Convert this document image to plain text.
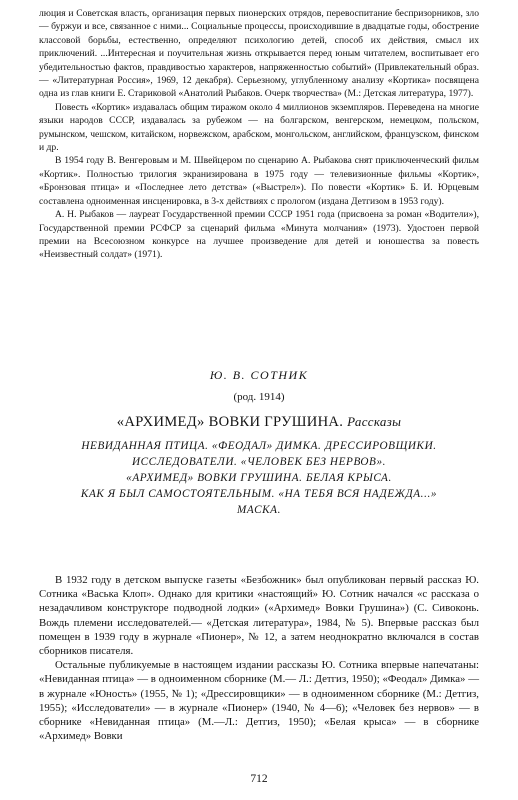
люция и Советская власть, организация первых пионерских отрядов, перевоспитание беспризорников, зло — буржуи и все, связанное с ними... Социальные процессы, происходившие в двадцатые годы, обострение классовой борьбы, естественно, определяют психологию детей, способ их действия, смысл их приключений. ...Интересная и поучительная жизнь открывается перед юным читателем, воспитывает его убедительностью фактов, правдивостью характеров, напряженностью событий» (Привлекательный образ.— «Литературная Россия», 1969, 12 декабря). Серьезному, углубленному анализу «Кортика» посвящена одна из глав книги Е. Стариковой «Анатолий Рыбаков. Очерк творчества» (М.: Детская литература, 1977).

Повесть «Кортик» издавалась общим тиражом около 4 миллионов экземпляров. Переведена на многие языки народов СССР, издавалась за рубежом — на болгарском, венгерском, немецком, польском, румынском, чешском, китайском, норвежском, арабском, монгольском, английском, французском, финском и др.

В 1954 году В. Венгеровым и М. Швейцером по сценарию А. Рыбакова снят приключенческий фильм «Кортик». Полностью трилогия экранизирована в 1975 году — телевизионные фильмы «Кортик», «Бронзовая птица» и «Последнее лето детства» («Выстрел»). По повести «Кортик» Б. И. Юрцевым составлена одноименная инсценировка, в 3-х действиях с прологом (издана Детгизом в 1953 году).

А. Н. Рыбаков — лауреат Государственной премии СССР 1951 года (присвоена за роман «Водители»), Государственной премии РСФСР за сценарий фильма «Минута молчания» (1973). Удостоен первой премии на Всесоюзном конкурсе на лучшее произведение для детей и юношества за повесть «Неизвестный солдат» (1971).

Ю. В. СОТНИК
(род. 1914)
«АРХИМЕД» ВОВКИ ГРУШИНА. Рассказы
НЕВИДАННАЯ ПТИЦА. «ФЕОДАЛ» ДИМКА. ДРЕССИРОВЩИКИ.
ИССЛЕДОВАТЕЛИ. «ЧЕЛОВЕК БЕЗ НЕРВОВ».
«АРХИМЕД» ВОВКИ ГРУШИНА. БЕЛАЯ КРЫСА.
КАК Я БЫЛ САМОСТОЯТЕЛЬНЫМ. «НА ТЕБЯ ВСЯ НАДЕЖДА...»
МАСКА.

В 1932 году в детском выпуске газеты «Безбожник» был опубликован первый рассказ Ю. Сотника «Васька Клоп». Однако для критики «настоящий» Ю. Сотник начался «с рассказа о незадачливом конструкторе подводной лодки» («Архимед» Вовки Грушина») (С. Сивоконь. Вождь племени исследователей.— «Детская литература», 1984, № 5). Впервые рассказ был помещен в 1939 году в журнале «Пионер», № 12, а затем неоднократно включался в состав сборников писателя.

Остальные публикуемые в настоящем издании рассказы Ю. Сотника впервые напечатаны: «Невиданная птица» — в одноименном сборнике (М.— Л.: Детгиз, 1950); «Феодал» Димка» — в журнале «Юность» (1955, № 1); «Дрессировщики» — в одноименном сборнике (М.: Детгиз, 1955); «Исследователи» — в журнале «Пионер» (1940, № 4—6); «Человек без нервов» — в сборнике «Невиданная птица» (М.—Л.: Детгиз, 1950); «Белая крыса» — в сборнике «Архимед» Вовки

712
